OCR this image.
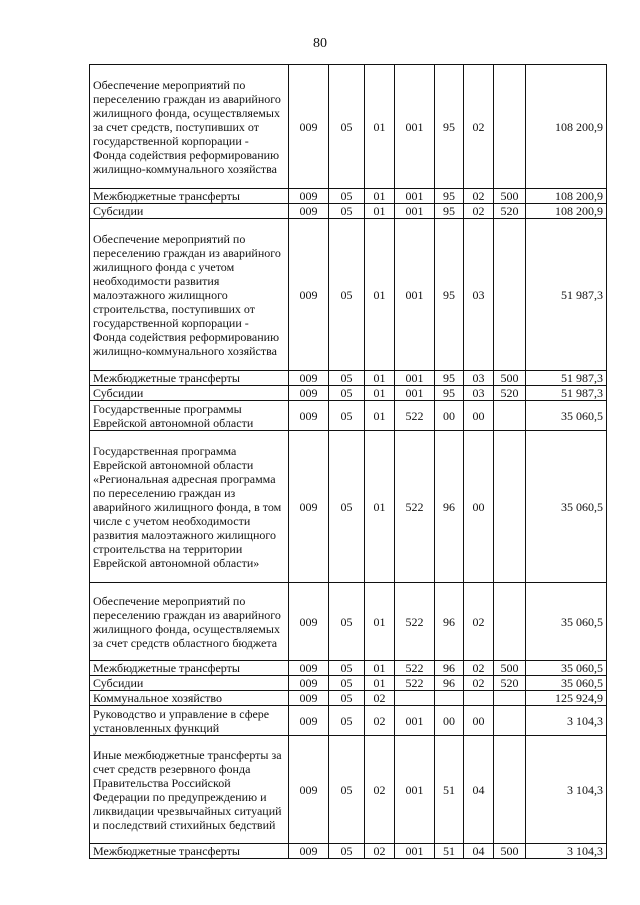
80
Обеспечение мероприятий по переселению граждан из аварийного жилищного фонда, осуществляемых за счет средств, поступивших от государственной корпорации - Фонда содействия реформированию жилищно-коммунального хозяйства	009	05	01	001	95	02		108 200,9
Межбюджетные трансферты	009	05	01	001	95	02	500	108 200,9
Субсидии	009	05	01	001	95	02	520	108 200,9
Обеспечение мероприятий по переселению граждан из аварийного жилищного фонда с учетом необходимости развития малоэтажного жилищного строительства, поступивших от государственной корпорации - Фонда содействия реформированию жилищно-коммунального хозяйства	009	05	01	001	95	03		51 987,3
Межбюджетные трансферты	009	05	01	001	95	03	500	51 987,3
Субсидии	009	05	01	001	95	03	520	51 987,3
Государственные программы Еврейской автономной области	009	05	01	522	00	00		35 060,5
Государственная программа Еврейской автономной области «Региональная адресная программа по переселению граждан из аварийного жилищного фонда, в том числе с учетом необходимости развития малоэтажного жилищного строительства на территории Еврейской автономной области»	009	05	01	522	96	00		35 060,5
Обеспечение мероприятий по переселению граждан из аварийного жилищного фонда, осуществляемых за счет средств областного бюджета	009	05	01	522	96	02		35 060,5
Межбюджетные трансферты	009	05	01	522	96	02	500	35 060,5
Субсидии	009	05	01	522	96	02	520	35 060,5
Коммунальное хозяйство	009	05	02					125 924,9
Руководство и управление в сфере установленных функций	009	05	02	001	00	00		3 104,3
Иные межбюджетные трансферты за счет средств резервного фонда Правительства Российской Федерации по предупреждению и ликвидации чрезвычайных ситуаций и последствий стихийных бедствий	009	05	02	001	51	04		3 104,3
Межбюджетные трансферты	009	05	02	001	51	04	500	3 104,3
